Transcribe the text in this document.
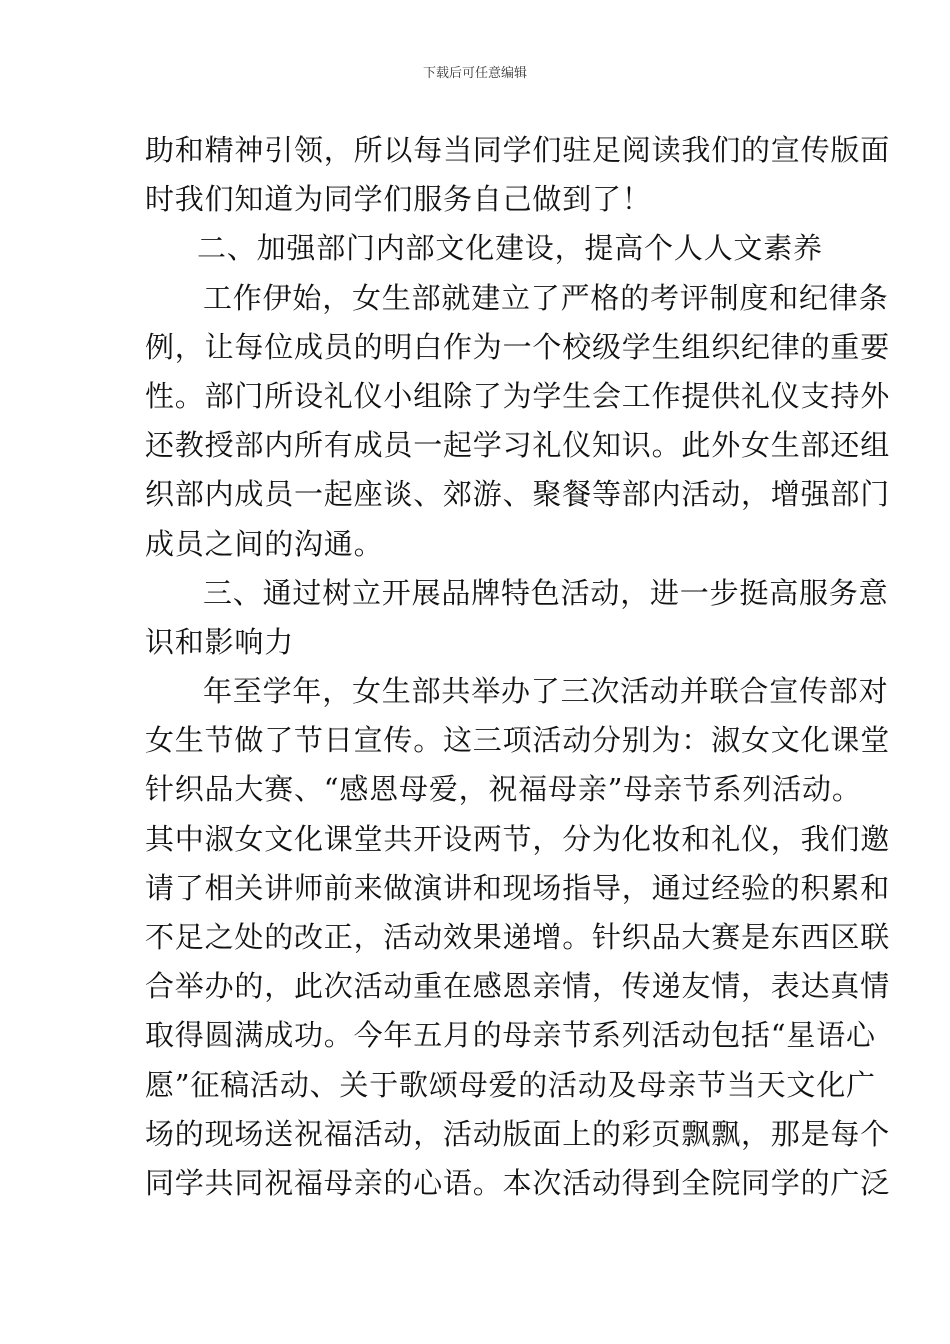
下载后可任意编辑
助和精神引领，所以每当同学们驻足阅读我们的宣传版面
时我们知道为同学们服务自己做到了！
二、加强部门内部文化建设，提高个人人文素养
工作伊始，女生部就建立了严格的考评制度和纪律条
例，让每位成员的明白作为一个校级学生组织纪律的重要
性。部门所设礼仪小组除了为学生会工作提供礼仪支持外
还教授部内所有成员一起学习礼仪知识。此外女生部还组
织部内成员一起座谈、郊游、聚餐等部内活动，增强部门
成员之间的沟通。
三、通过树立开展品牌特色活动，进一步挺高服务意
识和影响力
年至学年，女生部共举办了三次活动并联合宣传部对
女生节做了节日宣传。这三项活动分别为：淑女文化课堂
针织品大赛、“感恩母爱，祝福母亲”母亲节系列活动。
其中淑女文化课堂共开设两节，分为化妆和礼仪，我们邀
请了相关讲师前来做演讲和现场指导，通过经验的积累和
不足之处的改正，活动效果递增。针织品大赛是东西区联
合举办的，此次活动重在感恩亲情，传递友情，表达真情
取得圆满成功。今年五月的母亲节系列活动包括“星语心
愿”征稿活动、关于歌颂母爱的活动及母亲节当天文化广
场的现场送祝福活动，活动版面上的彩页飘飘，那是每个
同学共同祝福母亲的心语。本次活动得到全院同学的广泛
